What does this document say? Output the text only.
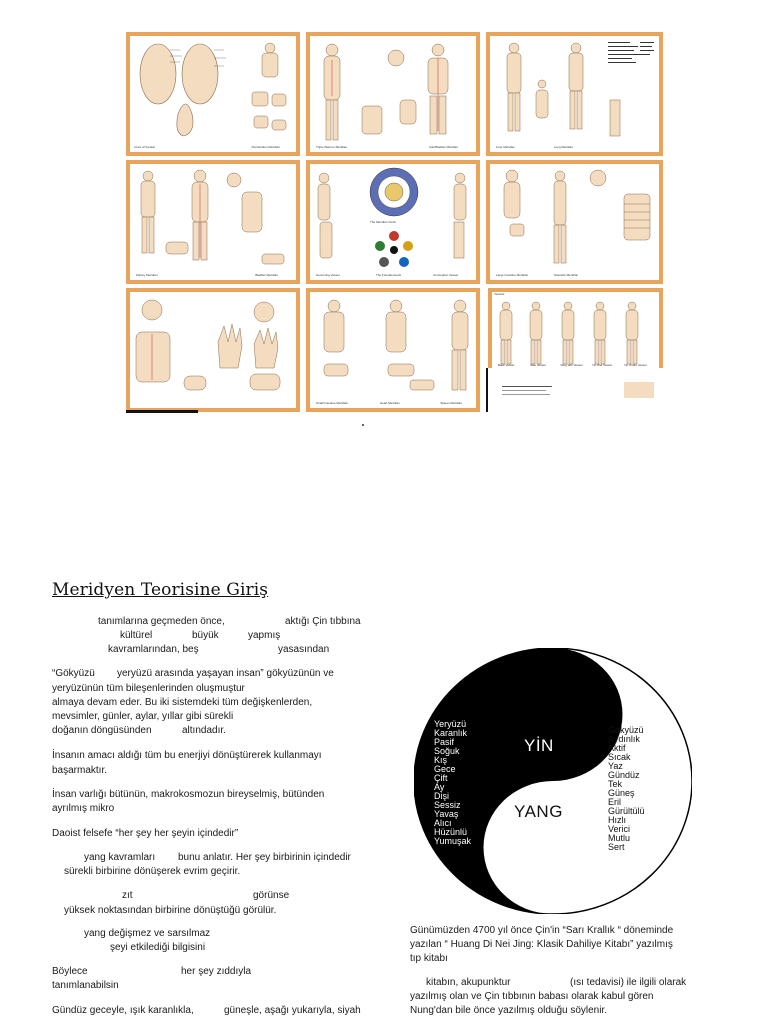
Lines of the Ear	Pericardium Meridian	Triple Warmer Meridian	Gall Bladder Meridian	Liver Meridian	Lung Meridian
Kidney Meridian	Bladder Meridian
The Meridian Clock
Governing Vessel	The Five Elements	Conception Vessel	Large Intestine Meridian	Stomach Meridian
Small Intestine Meridian	Heart Meridian	Spleen Meridian
Vessels
Back Vessel	Side Vessel	Yang Wei Vessel	Yin Wei Vessel	Yin Chiao Vessel
Meridyen Teorisine Giriş
tanımlarına geçmeden önce,	aktığı Çin tıbbına
kültürel	büyük	yapmış
kavramlarından, beş	yasasından
“Gökyüzü yeryüzü arasında yaşayan insan” gökyüzünün ve
yeryüzünün tüm bileşenlerinden oluşmuştur
almaya devam eder. Bu iki sistemdeki tüm değişkenlerden,
mevsimler, günler, aylar, yıllar gibi sürekli
doğanın döngüsünden	altındadır.
İnsanın amacı aldığı tüm bu enerjiyi dönüştürerek kullanmayı
başarmaktır.
İnsan varlığı bütünün, makrokosmozun bireyselmiş, bütünden
ayrılmış mikro
Daoist felsefe “her şey her şeyin içindedir”
yang kavramları bunu anlatır. Her şey birbirinin içindedir
sürekli birbirine dönüşerek evrim geçirir.
zıt	görünse
yüksek noktasından birbirine dönüştüğü görülür.
yang değişmez ve sarsılmaz
şeyi etkilediği bilgisini
Böylece	her şey zıddıyla
tanımlanabilsin
Gündüz geceyle, ışık karanlıkla,	güneşle, aşağı yukarıyla, siyah
YİN
YANG
Yeryüzü
Karanlık
Pasif
Soğuk
Kış
Gece
Çift
Ay
Dişi
Sessiz
Yavaş
Alıcı
Hüzünlü
Yumuşak
Gökyüzü
Aydınlık
Aktif
Sıcak
Yaz
Gündüz
Tek
Güneş
Eril
Gürültülü
Hızlı
Verici
Mutlu
Sert
Günümüzden 4700 yıl önce Çin'in “Sarı Krallık “ döneminde
yazılan “ Huang Di Nei Jing: Klasik Dahiliye Kitabı” yazılmış
tıp kitabı
kitabın, akupunktur	(ısı tedavisi) ile ilgili olarak
yazılmış olan ve Çin tıbbının babası olarak kabul gören
Nung'dan bile önce yazılmış olduğu söylenir.
